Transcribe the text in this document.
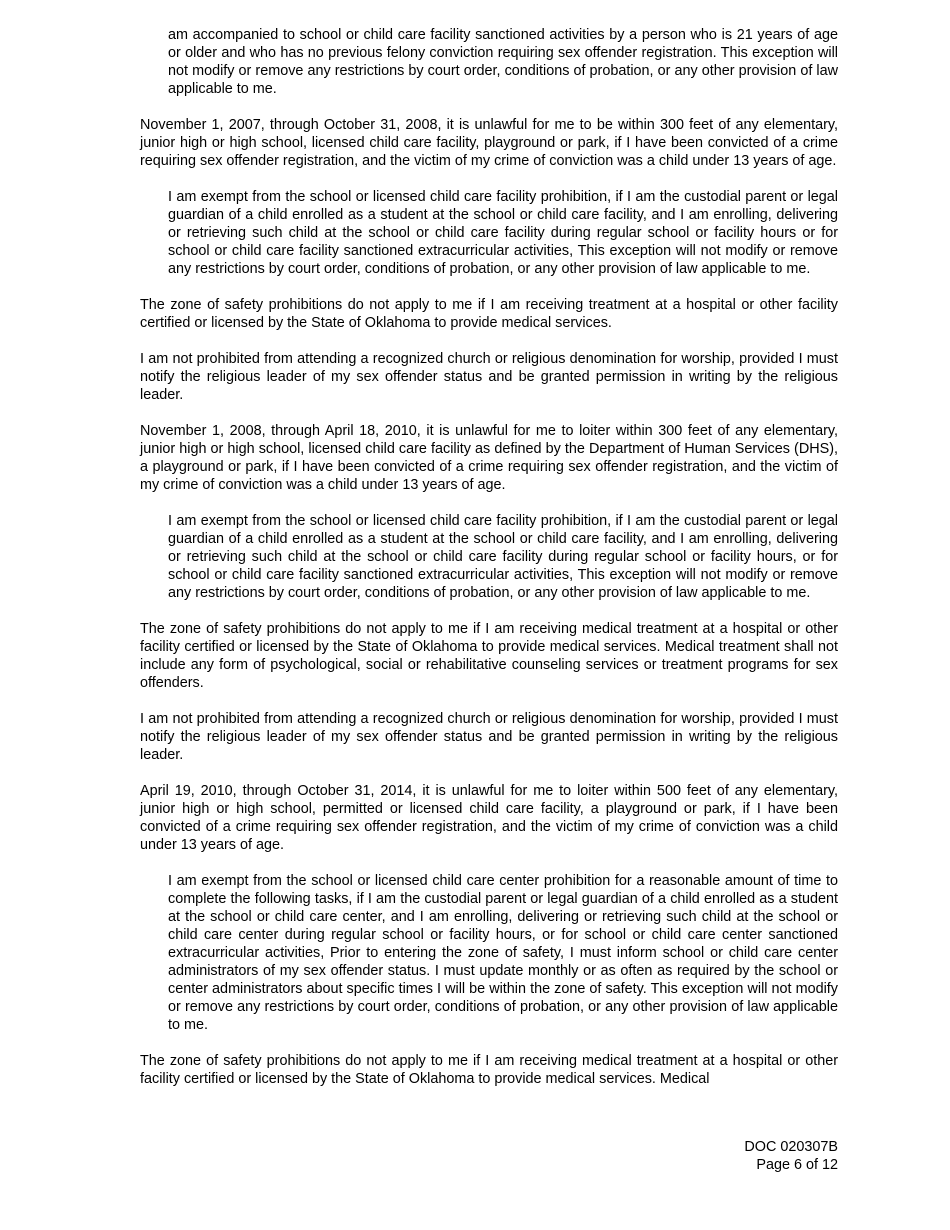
am accompanied to school or child care facility sanctioned activities by a person who is 21 years of age or older and who has no previous felony conviction requiring sex offender registration. This exception will not modify or remove any restrictions by court order, conditions of probation, or any other provision of law applicable to me.

November 1, 2007, through October 31, 2008, it is unlawful for me to be within 300 feet of any elementary, junior high or high school, licensed child care facility, playground or park, if I have been convicted of a crime requiring sex offender registration, and the victim of my crime of conviction was a child under 13 years of age.

I am exempt from the school or licensed child care facility prohibition, if I am the custodial parent or legal guardian of a child enrolled as a student at the school or child care facility, and I am enrolling, delivering or retrieving such child at the school or child care facility during regular school or facility hours or for school or child care facility sanctioned extracurricular activities, This exception will not modify or remove any restrictions by court order, conditions of probation, or any other provision of law applicable to me.

The zone of safety prohibitions do not apply to me if I am receiving treatment at a hospital or other facility certified or licensed by the State of Oklahoma to provide medical services.

I am not prohibited from attending a recognized church or religious denomination for worship, provided I must notify the religious leader of my sex offender status and be granted permission in writing by the religious leader.

November 1, 2008, through April 18, 2010, it is unlawful for me to loiter within 300 feet of any elementary, junior high or high school, licensed child care facility as defined by the Department of Human Services (DHS), a playground or park, if I have been convicted of a crime requiring sex offender registration, and the victim of my crime of conviction was a child under 13 years of age.

I am exempt from the school or licensed child care facility prohibition, if I am the custodial parent or legal guardian of a child enrolled as a student at the school or child care facility, and I am enrolling, delivering or retrieving such child at the school or child care facility during regular school or facility hours, or for school or child care facility sanctioned extracurricular activities, This exception will not modify or remove any restrictions by court order, conditions of probation, or any other provision of law applicable to me.

The zone of safety prohibitions do not apply to me if I am receiving medical treatment at a hospital or other facility certified or licensed by the State of Oklahoma to provide medical services. Medical treatment shall not include any form of psychological, social or rehabilitative counseling services or treatment programs for sex offenders.

I am not prohibited from attending a recognized church or religious denomination for worship, provided I must notify the religious leader of my sex offender status and be granted permission in writing by the religious leader.

April 19, 2010, through October 31, 2014, it is unlawful for me to loiter within 500 feet of any elementary, junior high or high school, permitted or licensed child care facility, a playground or park, if I have been convicted of a crime requiring sex offender registration, and the victim of my crime of conviction was a child under 13 years of age.

I am exempt from the school or licensed child care center prohibition for a reasonable amount of time to complete the following tasks, if I am the custodial parent or legal guardian of a child enrolled as a student at the school or child care center, and I am enrolling, delivering or retrieving such child at the school or child care center during regular school or facility hours, or for school or child care center sanctioned extracurricular activities, Prior to entering the zone of safety, I must inform school or child care center administrators of my sex offender status. I must update monthly or as often as required by the school or center administrators about specific times I will be within the zone of safety. This exception will not modify or remove any restrictions by court order, conditions of probation, or any other provision of law applicable to me.

The zone of safety prohibitions do not apply to me if I am receiving medical treatment at a hospital or other facility certified or licensed by the State of Oklahoma to provide medical services. Medical

DOC 020307B
Page 6 of 12
